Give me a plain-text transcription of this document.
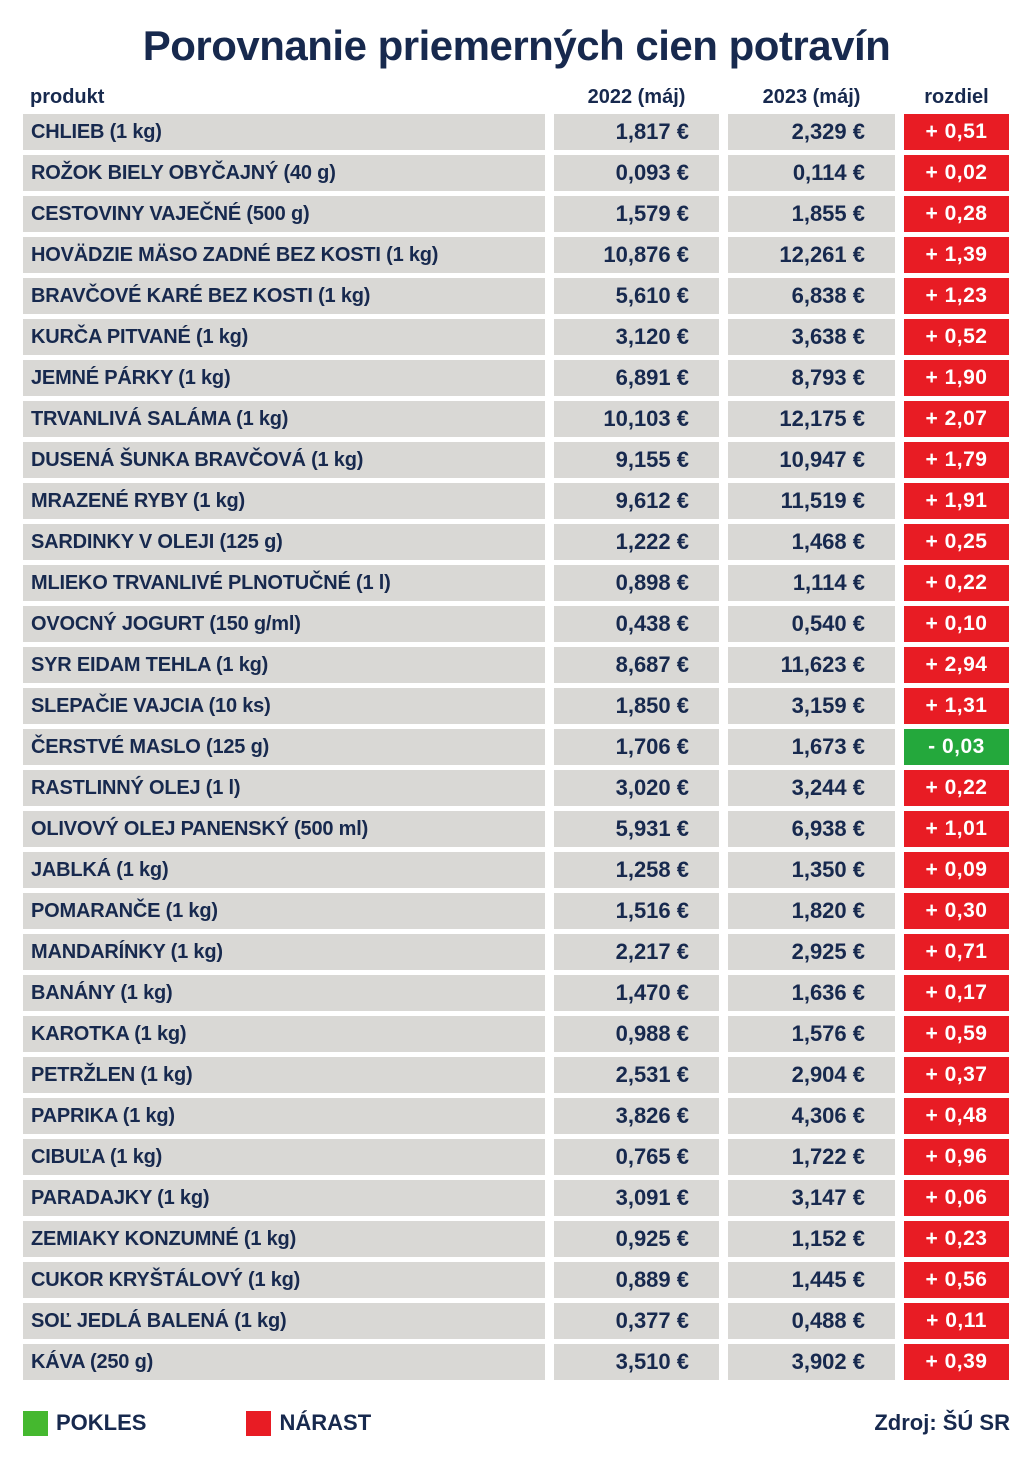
Porovnanie priemerných cien potravín
produkt	2022 (máj)	2023 (máj)	rozdiel
CHLIEB (1 kg)	1,817 €	2,329 €	+ 0,51
ROŽOK BIELY OBYČAJNÝ (40 g)	0,093 €	0,114 €	+ 0,02
CESTOVINY VAJEČNÉ (500 g)	1,579 €	1,855 €	+ 0,28
HOVÄDZIE MÄSO ZADNÉ BEZ KOSTI (1 kg)	10,876 €	12,261 €	+ 1,39
BRAVČOVÉ KARÉ BEZ KOSTI (1 kg)	5,610 €	6,838 €	+ 1,23
KURČA PITVANÉ (1 kg)	3,120 €	3,638 €	+ 0,52
JEMNÉ PÁRKY (1 kg)	6,891 €	8,793 €	+ 1,90
TRVANLIVÁ SALÁMA (1 kg)	10,103 €	12,175 €	+ 2,07
DUSENÁ ŠUNKA BRAVČOVÁ (1 kg)	9,155 €	10,947 €	+ 1,79
MRAZENÉ RYBY (1 kg)	9,612 €	11,519 €	+ 1,91
SARDINKY V OLEJI (125 g)	1,222 €	1,468 €	+ 0,25
MLIEKO TRVANLIVÉ PLNOTUČNÉ (1 l)	0,898 €	1,114 €	+ 0,22
OVOCNÝ JOGURT (150 g/ml)	0,438 €	0,540 €	+ 0,10
SYR EIDAM TEHLA (1 kg)	8,687 €	11,623 €	+ 2,94
SLEPAČIE VAJCIA (10 ks)	1,850 €	3,159 €	+ 1,31
ČERSTVÉ MASLO (125 g)	1,706 €	1,673 €	- 0,03
RASTLINNÝ OLEJ (1 l)	3,020 €	3,244 €	+ 0,22
OLIVOVÝ OLEJ PANENSKÝ (500 ml)	5,931 €	6,938 €	+ 1,01
JABLKÁ (1 kg)	1,258 €	1,350 €	+ 0,09
POMARANČE (1 kg)	1,516 €	1,820 €	+ 0,30
MANDARÍNKY (1 kg)	2,217 €	2,925 €	+ 0,71
BANÁNY (1 kg)	1,470 €	1,636 €	+ 0,17
KAROTKA (1 kg)	0,988 €	1,576 €	+ 0,59
PETRŽLEN (1 kg)	2,531 €	2,904 €	+ 0,37
PAPRIKA (1 kg)	3,826 €	4,306 €	+ 0,48
CIBUĽA (1 kg)	0,765 €	1,722 €	+ 0,96
PARADAJKY (1 kg)	3,091 €	3,147 €	+ 0,06
ZEMIAKY KONZUMNÉ (1 kg)	0,925 €	1,152 €	+ 0,23
CUKOR KRYŠTÁLOVÝ (1 kg)	0,889 €	1,445 €	+ 0,56
SOĽ JEDLÁ BALENÁ (1 kg)	0,377 €	0,488 €	+ 0,11
KÁVA (250 g)	3,510 €	3,902 €	+ 0,39
POKLES	NÁRAST	Zdroj: ŠÚ SR
